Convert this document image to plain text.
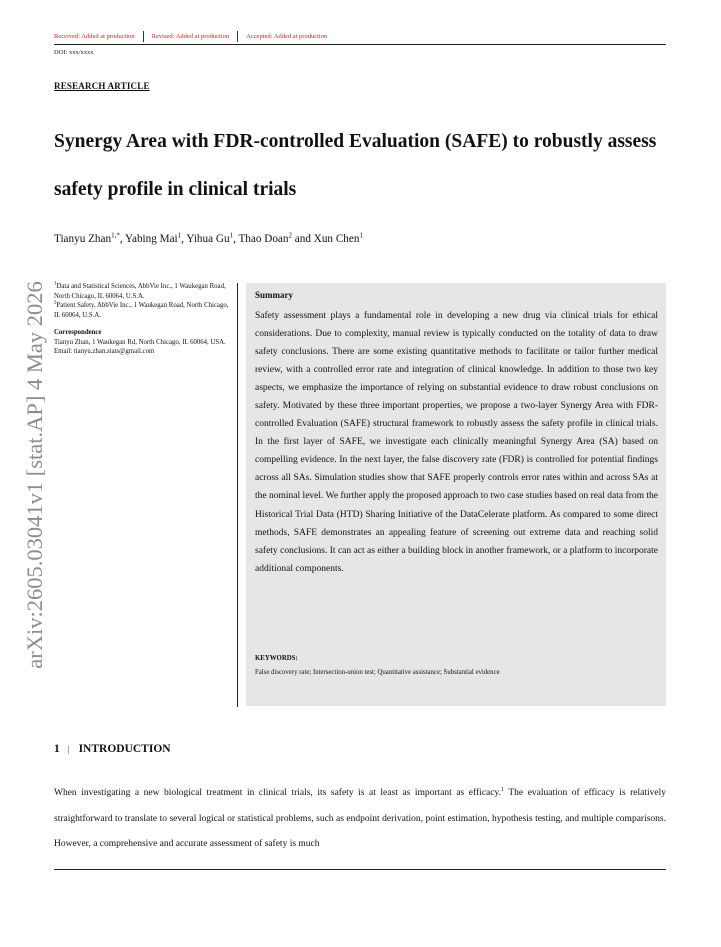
Received: Added at production	Revised: Added at production	Accepted: Added at production
DOI: xxx/xxxx
RESEARCH ARTICLE
Synergy Area with FDR-controlled Evaluation (SAFE) to robustly assess safety profile in clinical trials
Tianyu Zhan$^{1,*}$, Yabing Mai$^1$, Yihua Gu$^1$, Thao Doan$^2$ and Xun Chen$^1$
arXiv:2605.03041v1 [stat.AP] 4 May 2026 $^1$Data and Statistical Sciences, AbbVie Inc., 1 Waukegan Road, North Chicago, IL 60064, U.S.A.

$^2$Patient Safety, AbbVie Inc., 1 Waukegan Road, North Chicago, IL 60064, U.S.A.

Correspondence

Tianyu Zhan, 1 Waukegan Rd, North Chicago, IL 60064, USA.

Email: tianyu.zhan.stats@gmail.com

Summary

Safety assessment plays a fundamental role in developing a new drug via clinical trials for ethical considerations. Due to complexity, manual review is typically conducted on the totality of data to draw safety conclusions. There are some existing quantitative methods to facilitate or tailor further medical review, with a controlled error rate and integration of clinical knowledge. In addition to those two key aspects, we emphasize the importance of relying on substantial evidence to draw robust conclusions on safety. Motivated by these three important properties, we propose a two-layer Synergy Area with FDR-controlled Evaluation (SAFE) structural framework to robustly assess the safety profile in clinical trials. In the first layer of SAFE, we investigate each clinically meaningful Synergy Area (SA) based on compelling evidence. In the next layer, the false discovery rate (FDR) is controlled for potential findings across all SAs. Simulation studies show that SAFE properly controls error rates within and across SAs at the nominal level. We further apply the proposed approach to two case studies based on real data from the Historical Trial Data (HTD) Sharing Initiative of the DataCelerate platform. As compared to some direct methods, SAFE demonstrates an appealing feature of screening out extreme data and reaching solid safety conclusions. It can act as either a building block in another framework, or a platform to incorporate additional components.

KEYWORDS:
False discovery rate; Intersection-union test; Quantitative assistance; Substantial evidence
1 | INTRODUCTION

When investigating a new biological treatment in clinical trials, its safety is at least as important as efficacy.$^1$ The evaluation of efficacy is relatively straightforward to translate to several logical or statistical problems, such as endpoint derivation, point estimation, hypothesis testing, and multiple comparisons. However, a comprehensive and accurate assessment of safety is much
